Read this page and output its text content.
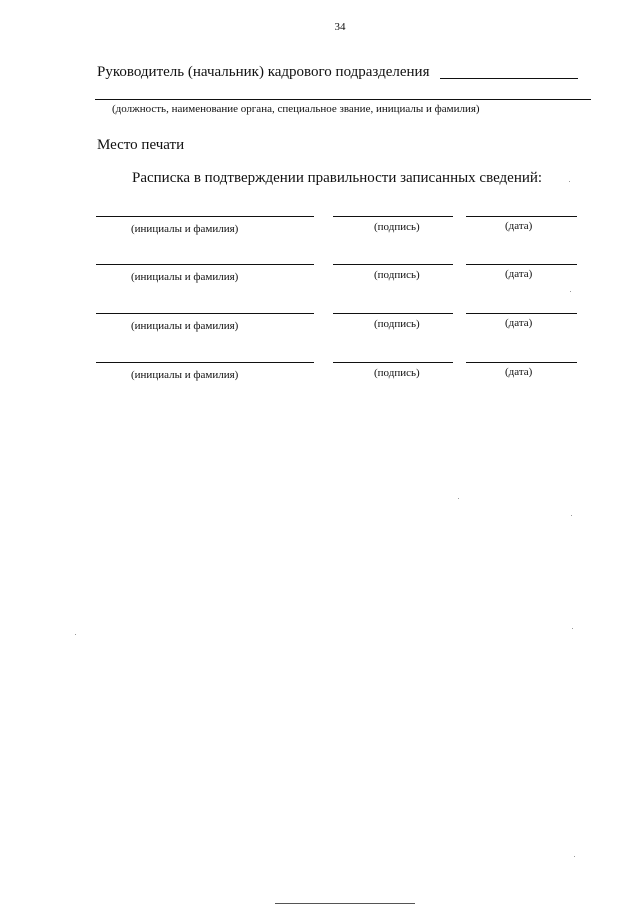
34
Руководитель (начальник) кадрового подразделения
(должность, наименование органа, специальное звание, инициалы и фамилия)
Место печати
Расписка в подтверждении правильности записанных сведений:
(инициалы и фамилия)	(подпись)	(дата)
(инициалы и фамилия)	(подпись)	(дата)
(инициалы и фамилия)	(подпись)	(дата)
(инициалы и фамилия)	(подпись)	(дата)
